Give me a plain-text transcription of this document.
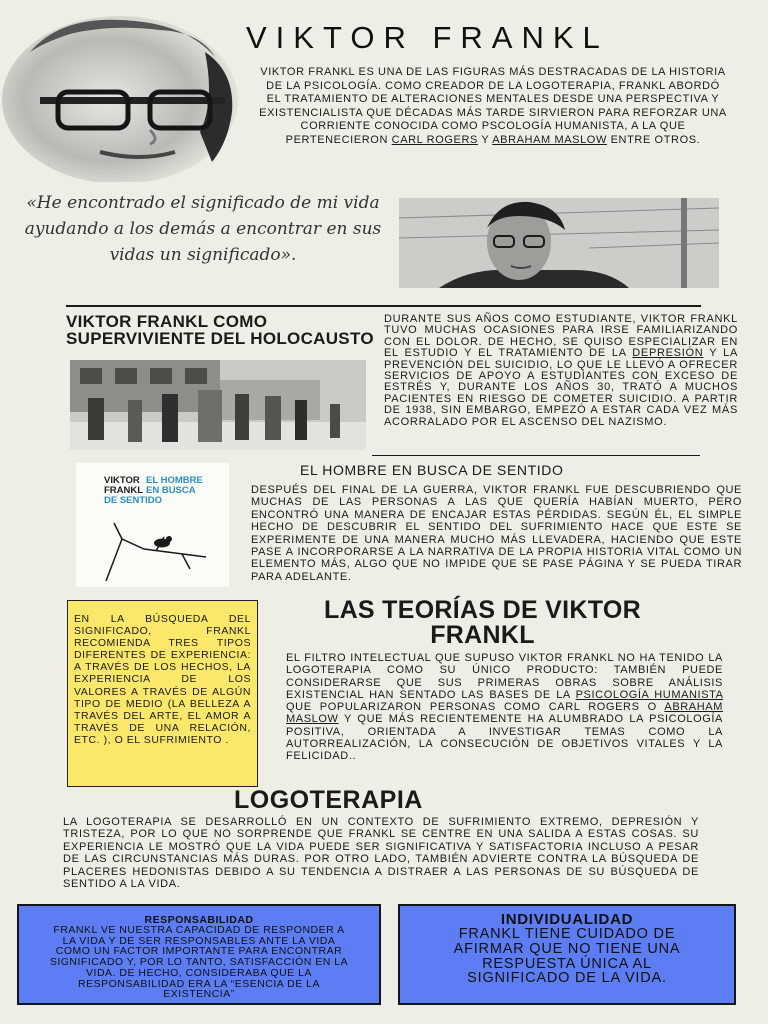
VIKTOR FRANKL
VIKTOR FRANKL ES UNA DE LAS FIGURAS MÁS DESTRACADAS DE LA HISTORIA DE LA PSICOLOGÍA. COMO CREADOR DE LA LOGOTERAPIA, FRANKL ABORDÓ EL TRATAMIENTO DE ALTERACIONES MENTALES DESDE UNA PERSPECTIVA Y EXISTENCIALISTA QUE DÉCADAS MÁS TARDE SIRVIERON PARA REFORZAR UNA CORRIENTE CONOCIDA COMO PSCOLOGÍA HUMANISTA, A LA QUE PERTENECIERON CARL ROGERS Y ABRAHAM MASLOW ENTRE OTROS.
«He encontrado el significado de mi vida ayudando a los demás a encontrar en sus vidas un significado».
VIKTOR FRANKL COMO SUPERVIVIENTE DEL HOLOCAUSTO
DURANTE SUS AÑOS COMO ESTUDIANTE, VIKTOR FRANKL TUVO MUCHAS OCASIONES PARA IRSE FAMILIARIZANDO CON EL DOLOR. DE HECHO, SE QUISO ESPECIALIZAR EN EL ESTUDIO Y EL TRATAMIENTO DE LA DEPRESIÓN Y LA PREVENCIÓN DEL SUICIDIO, LO QUE LE LLEVÓ A OFRECER SERVICIOS DE APOYO A ESTUDIANTES CON EXCESO DE ESTRÉS Y, DURANTE LOS AÑOS 30, TRATÓ A MUCHOS PACIENTES EN RIESGO DE COMETER SUICIDIO. A PARTIR DE 1938, SIN EMBARGO, EMPEZÓ A ESTAR CADA VEZ MÁS ACORRALADO POR EL ASCENSO DEL NAZISMO.
VIKTOR
FRANKL
EL HOMBRE
EN BUSCA
DE SENTIDO
EL HOMBRE EN BUSCA DE SENTIDO
DESPUÉS DEL FINAL DE LA GUERRA, VIKTOR FRANKL FUE DESCUBRIENDO QUE MUCHAS DE LAS PERSONAS A LAS QUE QUERÍA HABÍAN MUERTO, PERO ENCONTRÓ UNA MANERA DE ENCAJAR ESTAS PÉRDIDAS. SEGÚN ÉL, EL SIMPLE HECHO DE DESCUBRIR EL SENTIDO DEL SUFRIMIENTO HACE QUE ESTE SE EXPERIMENTE DE UNA MANERA MUCHO MÁS LLEVADERA, HACIENDO QUE ESTE PASE A INCORPORARSE A LA NARRATIVA DE LA PROPIA HISTORIA VITAL COMO UN ELEMENTO MÁS, ALGO QUE NO IMPIDE QUE SE PASE PÁGINA Y SE PUEDA TIRAR PARA ADELANTE.
EN LA BÚSQUEDA DEL SIGNIFICADO, FRANKL RECOMIENDA TRES TIPOS DIFERENTES DE EXPERIENCIA: A TRAVÉS DE LOS HECHOS, LA EXPERIENCIA DE LOS VALORES A TRAVÉS DE ALGÚN TIPO DE MEDIO (LA BELLEZA A TRAVÉS DEL ARTE, EL AMOR A TRAVÉS DE UNA RELACIÓN, ETC. ), O EL SUFRIMIENTO .
LAS TEORÍAS DE VIKTOR FRANKL
EL FILTRO INTELECTUAL QUE SUPUSO VIKTOR FRANKL NO HA TENIDO LA LOGOTERAPIA COMO SU ÚNICO PRODUCTO: TAMBIÉN PUEDE CONSIDERARSE QUE SUS PRIMERAS OBRAS SOBRE ANÁLISIS EXISTENCIAL HAN SENTADO LAS BASES DE LA PSICOLOGÍA HUMANISTA QUE POPULARIZARON PERSONAS COMO CARL ROGERS O ABRAHAM MASLOW Y QUE MÁS RECIENTEMENTE HA ALUMBRADO LA PSICOLOGÍA POSITIVA, ORIENTADA A INVESTIGAR TEMAS COMO LA AUTORREALIZACIÓN, LA CONSECUCIÓN DE OBJETIVOS VITALES Y LA FELICIDAD..
LOGOTERAPIA
LA LOGOTERAPIA SE DESARROLLÓ EN UN CONTEXTO DE SUFRIMIENTO EXTREMO, DEPRESIÓN Y TRISTEZA, POR LO QUE NO SORPRENDE QUE FRANKL SE CENTRE EN UNA SALIDA A ESTAS COSAS. SU EXPERIENCIA LE MOSTRÓ QUE LA VIDA PUEDE SER SIGNIFICATIVA Y SATISFACTORIA INCLUSO A PESAR DE LAS CIRCUNSTANCIAS MÁS DURAS. POR OTRO LADO, TAMBIÉN ADVIERTE CONTRA LA BÚSQUEDA DE PLACERES HEDONISTAS DEBIDO A SU TENDENCIA A DISTRAER A LAS PERSONAS DE SU BÚSQUEDA DE SENTIDO A LA VIDA.
RESPONSABILIDAD
FRANKL VE NUESTRA CAPACIDAD DE RESPONDER A LA VIDA Y DE SER RESPONSABLES ANTE LA VIDA COMO UN FACTOR IMPORTANTE PARA ENCONTRAR SIGNIFICADO Y, POR LO TANTO, SATISFACCIÓN EN LA VIDA. DE HECHO, CONSIDERABA QUE LA RESPONSABILIDAD ERA LA “ESENCIA DE LA EXISTENCIA”
INDIVIDUALIDAD
FRANKL TIENE CUIDADO DE AFIRMAR QUE NO TIENE UNA RESPUESTA ÚNICA AL SIGNIFICADO DE LA VIDA.
